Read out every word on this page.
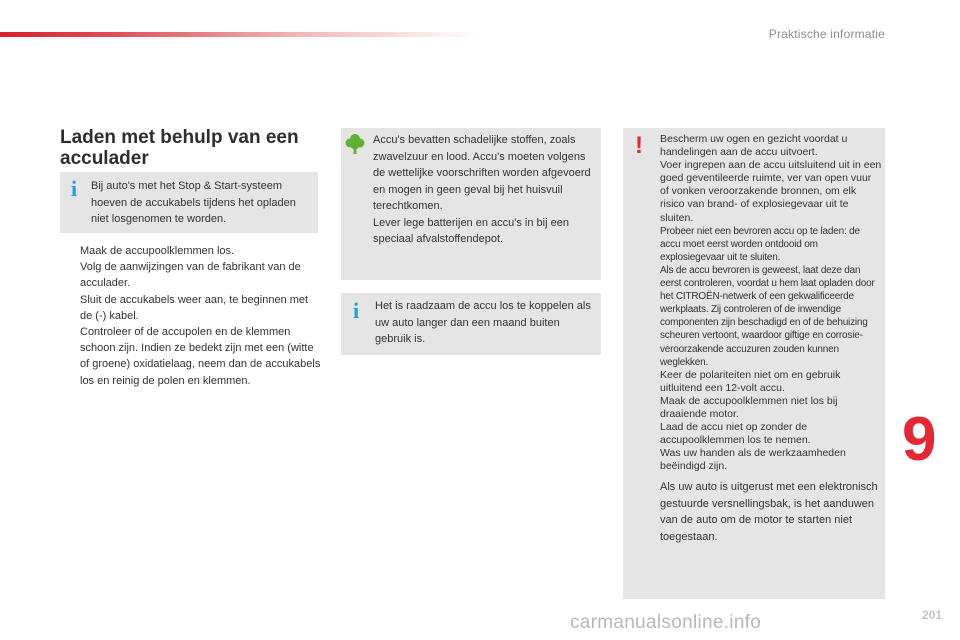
Praktische informatie
Laden met behulp van een acculader
i Bij auto's met het Stop & Start-systeem hoeven de accukabels tijdens het opladen niet losgenomen te worden.
Maak de accupoolklemmen los.
Volg de aanwijzingen van de fabrikant van de acculader.
Sluit de accukabels weer aan, te beginnen met de (-) kabel.
Controleer of de accupolen en de klemmen schoon zijn. Indien ze bedekt zijn met een (witte of groene) oxidatielaag, neem dan de accukabels los en reinig de polen en klemmen.
Accu's bevatten schadelijke stoffen, zoals zwavelzuur en lood. Accu's moeten volgens de wettelijke voorschriften worden afgevoerd en mogen in geen geval bij het huisvuil terechtkomen.
Lever lege batterijen en accu's in bij een speciaal afvalstoffendepot.
i Het is raadzaam de accu los te koppelen als uw auto langer dan een maand buiten gebruik is.
! Bescherm uw ogen en gezicht voordat u handelingen aan de accu uitvoert.
Voer ingrepen aan de accu uitsluitend uit in een goed geventileerde ruimte, ver van open vuur of vonken veroorzakende bronnen, om elk risico van brand- of explosiegevaar uit te sluiten.
Probeer niet een bevroren accu op te laden: de accu moet eerst worden ontdooid om explosiegevaar uit te sluiten.
Als de accu bevroren is geweest, laat deze dan eerst controleren, voordat u hem laat opladen door het CITROËN-netwerk of een gekwalificeerde werkplaats. Zij controleren of de inwendige componenten zijn beschadigd en of de behuizing scheuren vertoont, waardoor giftige en corrosie-veroorzakende accuzuren zouden kunnen weglekken.
Keer de polariteiten niet om en gebruik uitluitend een 12-volt accu.
Maak de accupoolklemmen niet los bij draaiende motor.
Laad de accu niet op zonder de accupoolklemmen los te nemen.
Was uw handen als de werkzaamheden beëindigd zijn.
Als uw auto is uitgerust met een elektronisch gestuurde versnellingsbak, is het aanduwen van de auto om de motor te starten niet toegestaan.
9
carmanualsonline.info	201
